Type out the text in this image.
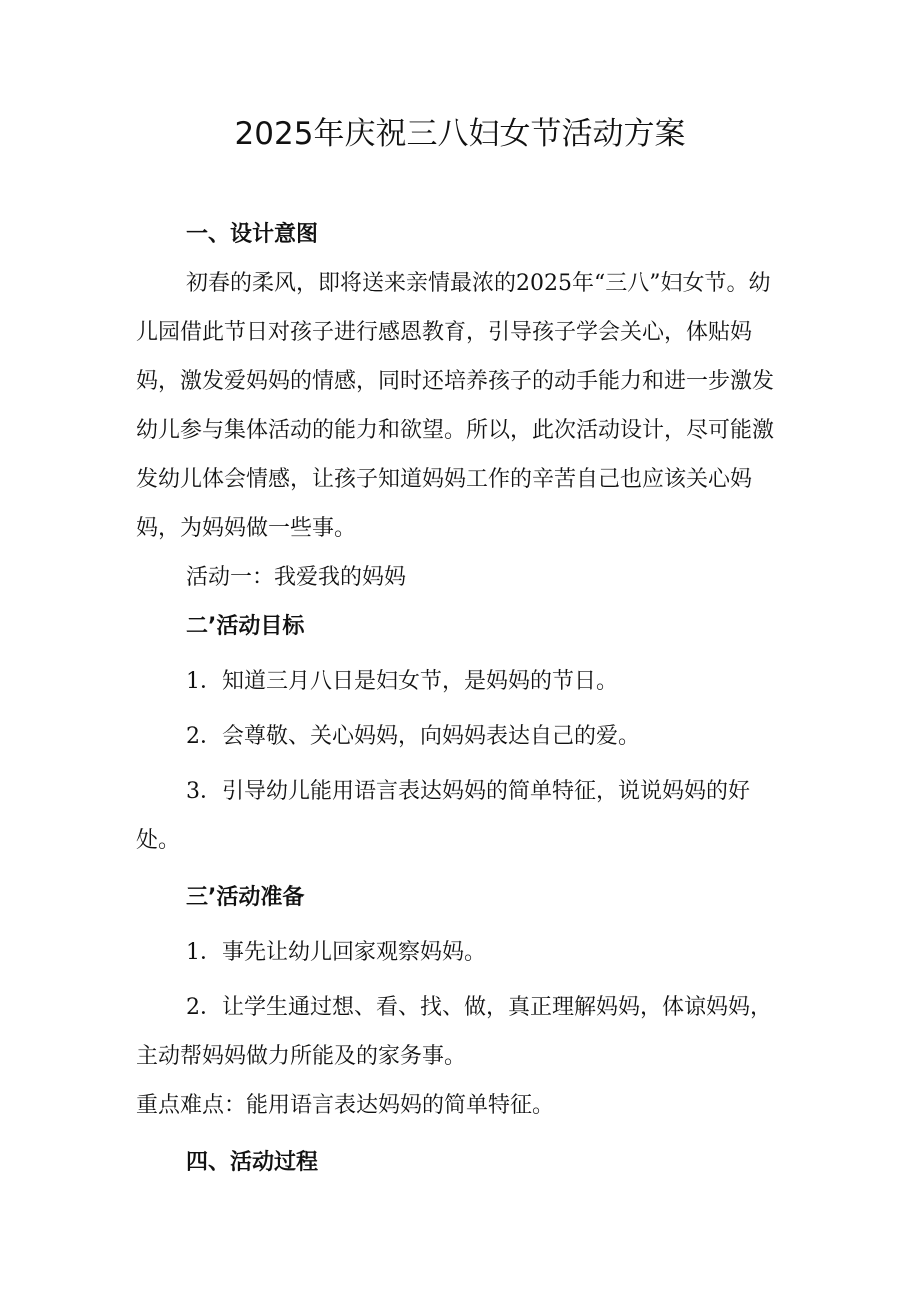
2025年庆祝三八妇女节活动方案

一、设计意图

初春的柔风，即将送来亲情最浓的2025年“三八”妇女节。幼儿园借此节日对孩子进行感恩教育，引导孩子学会关心，体贴妈妈，激发爱妈妈的情感，同时还培养孩子的动手能力和进一步激发幼儿参与集体活动的能力和欲望。所以，此次活动设计，尽可能激发幼儿体会情感，让孩子知道妈妈工作的辛苦自己也应该关心妈妈，为妈妈做一些事。

活动一：我爱我的妈妈

二’活动目标

1．知道三月八日是妇女节，是妈妈的节日。

2．会尊敬、关心妈妈，向妈妈表达自己的爱。

3．引导幼儿能用语言表达妈妈的简单特征，说说妈妈的好处。

三’活动准备

1．事先让幼儿回家观察妈妈。

2．让学生通过想、看、找、做，真正理解妈妈，体谅妈妈，主动帮妈妈做力所能及的家务事。

重点难点：能用语言表达妈妈的简单特征。

四、活动过程
